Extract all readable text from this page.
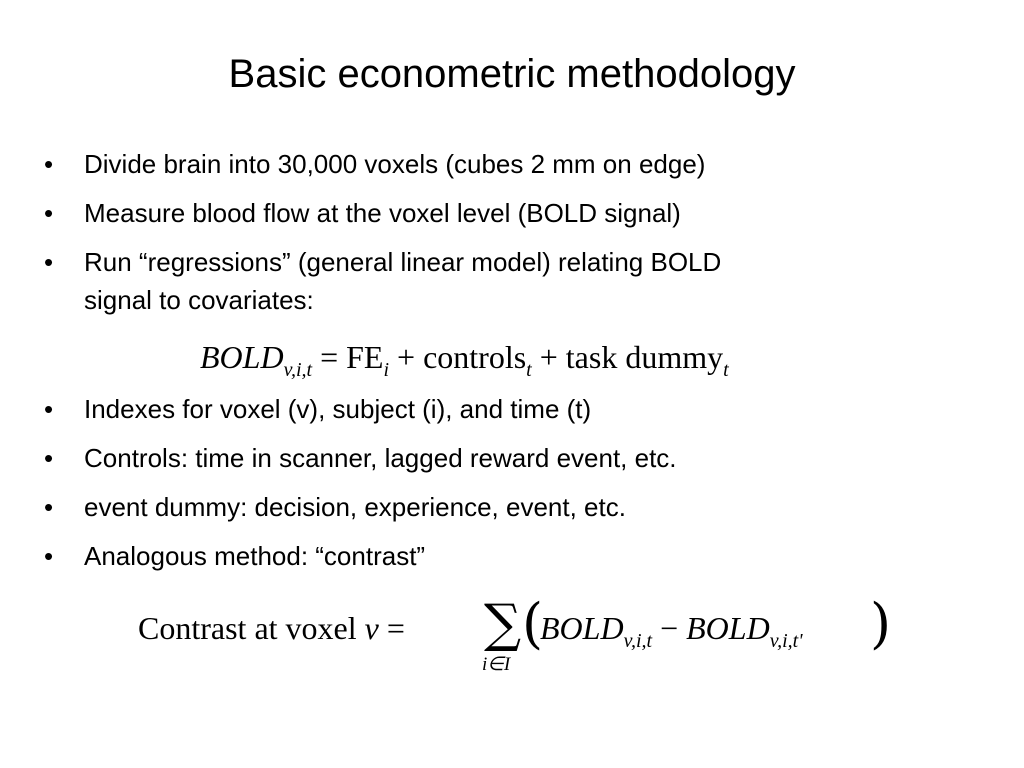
Basic econometric methodology
• Divide brain into 30,000 voxels (cubes 2 mm on edge)
• Measure blood flow at the voxel level (BOLD signal)
• Run “regressions” (general linear model) relating BOLD
signal to covariates:
• Indexes for voxel (v), subject (i), and time (t)
• Controls: time in scanner, lagged reward event, etc.
• event dummy: decision, experience, event, etc.
• Analogous method: “contrast”
$BOLD_{v,i,t} = FE_i$ + controls$_t$ + task dummy$_t$
Contrast at voxel v = ∑
i∈I
(
$BOLD_{v,i,t}$ − $BOLD_{v,i,t'}$ )
